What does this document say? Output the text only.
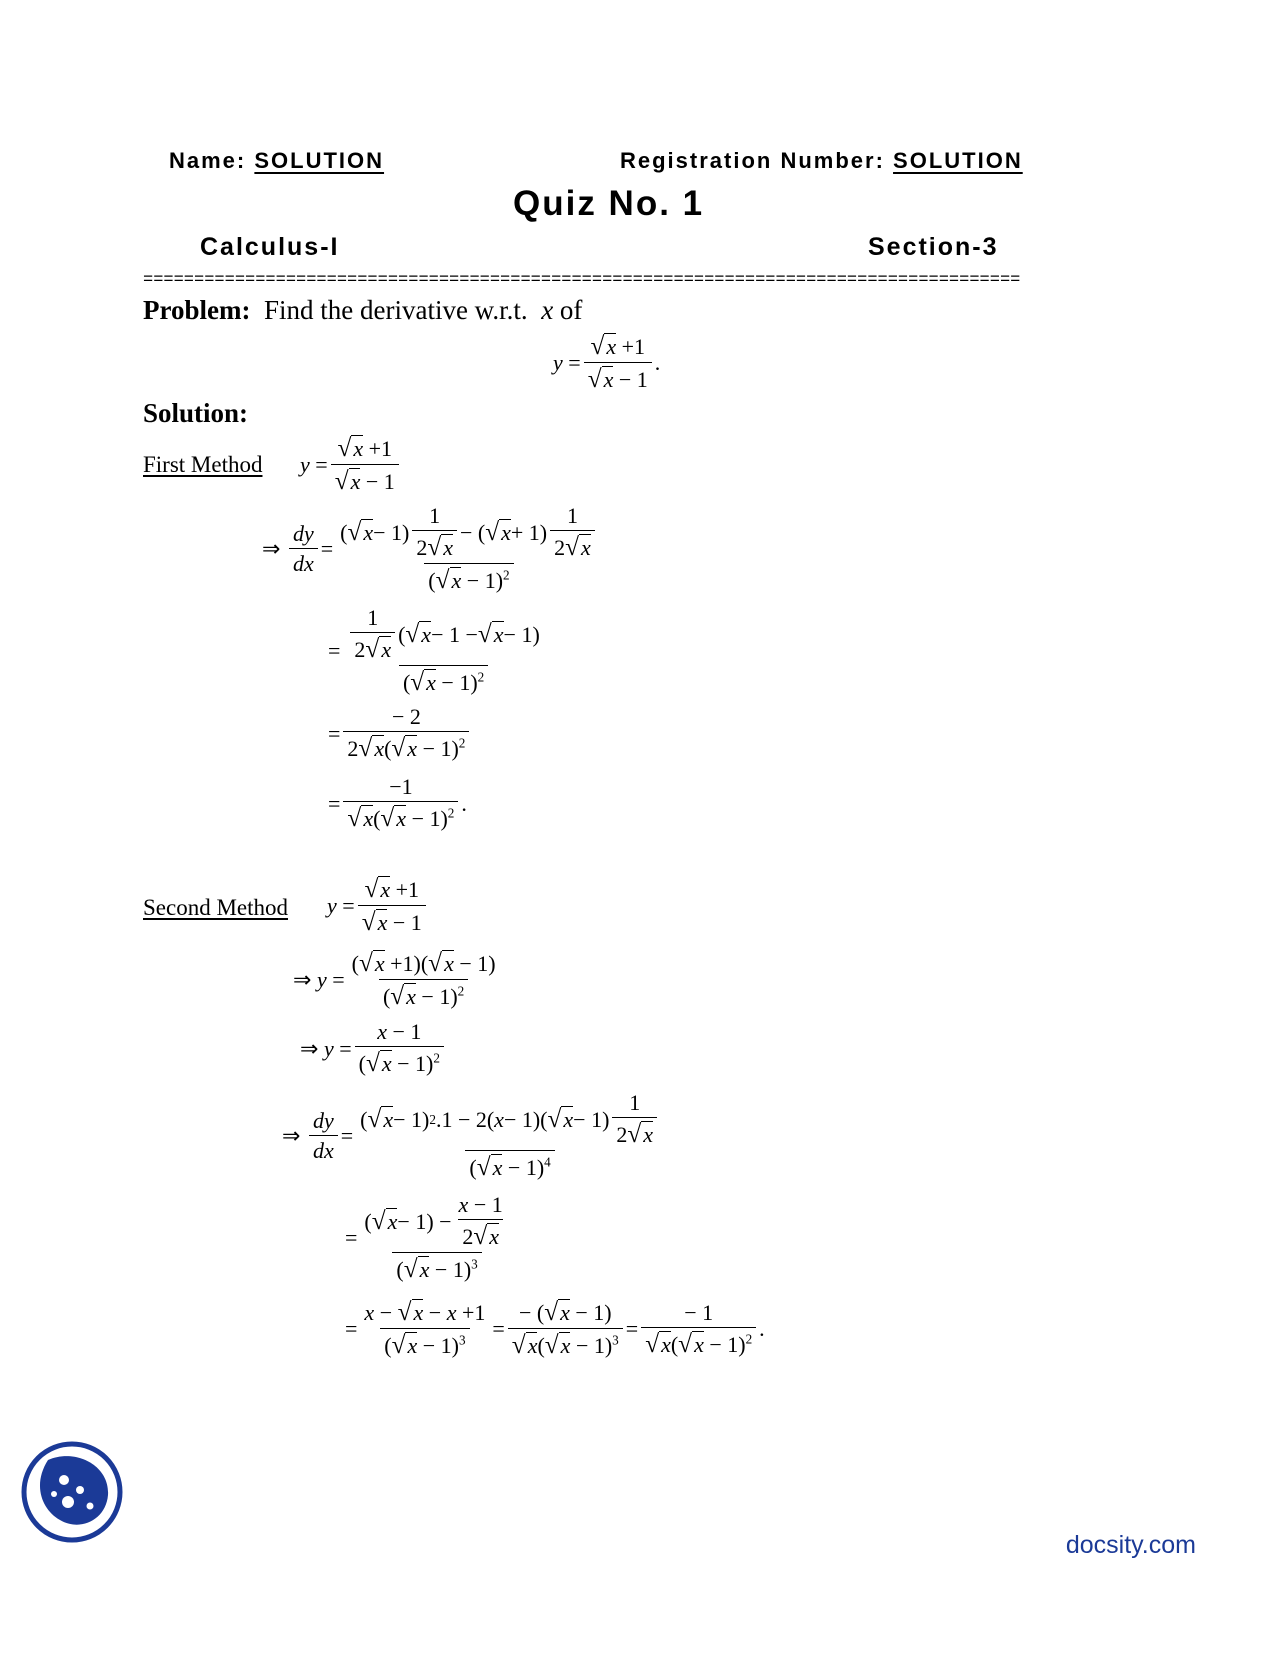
Name: SOLUTION	Registration Number: SOLUTION
Quiz No. 1
Calculus-I	Section-3
======================================================================================
Problem: Find the derivative w.r.t. x of
$y = \frac{√x +1}{√x - 1}$ .
Solution:
First Method $y = \frac{√x +1}{√x - 1}$
⇒ $\frac{dy}{dx} = \frac{( √x - 1) \frac{1}{2√x} - ( √x + 1) \frac{1}{2√x}}{(√x - 1)^2}$
= $\frac{\frac{1}{2√x} ( √x - 1 - √x - 1)}{(√x - 1)^2}$
= $\frac{- 2}{2√x(√x - 1)^2}$
= $\frac{-1}{√x(√x - 1)^2}$ .
Second Method $y = \frac{√x +1}{√x - 1}$
⇒ $y = \frac{(√x +1)(√x - 1)}{(√x - 1)^2}$
⇒ $y = \frac{x - 1}{(√x - 1)^2}$
⇒ $\frac{dy}{dx} = \frac{( √x - 1) 2 .1 - 2( x - 1)( √x - 1) \frac{1}{2√x}}{(√x - 1)^4}$
= $\frac{( √x - 1) - \frac{x - 1}{2√x}}{(√x - 1)^3}$
= $\frac{x - √x - x +1}{(√x - 1)^3} = \frac{- (√x - 1)}{√x(√x - 1)^3} = \frac{- 1}{√x(√x - 1)^2}$ .
docsity.com
